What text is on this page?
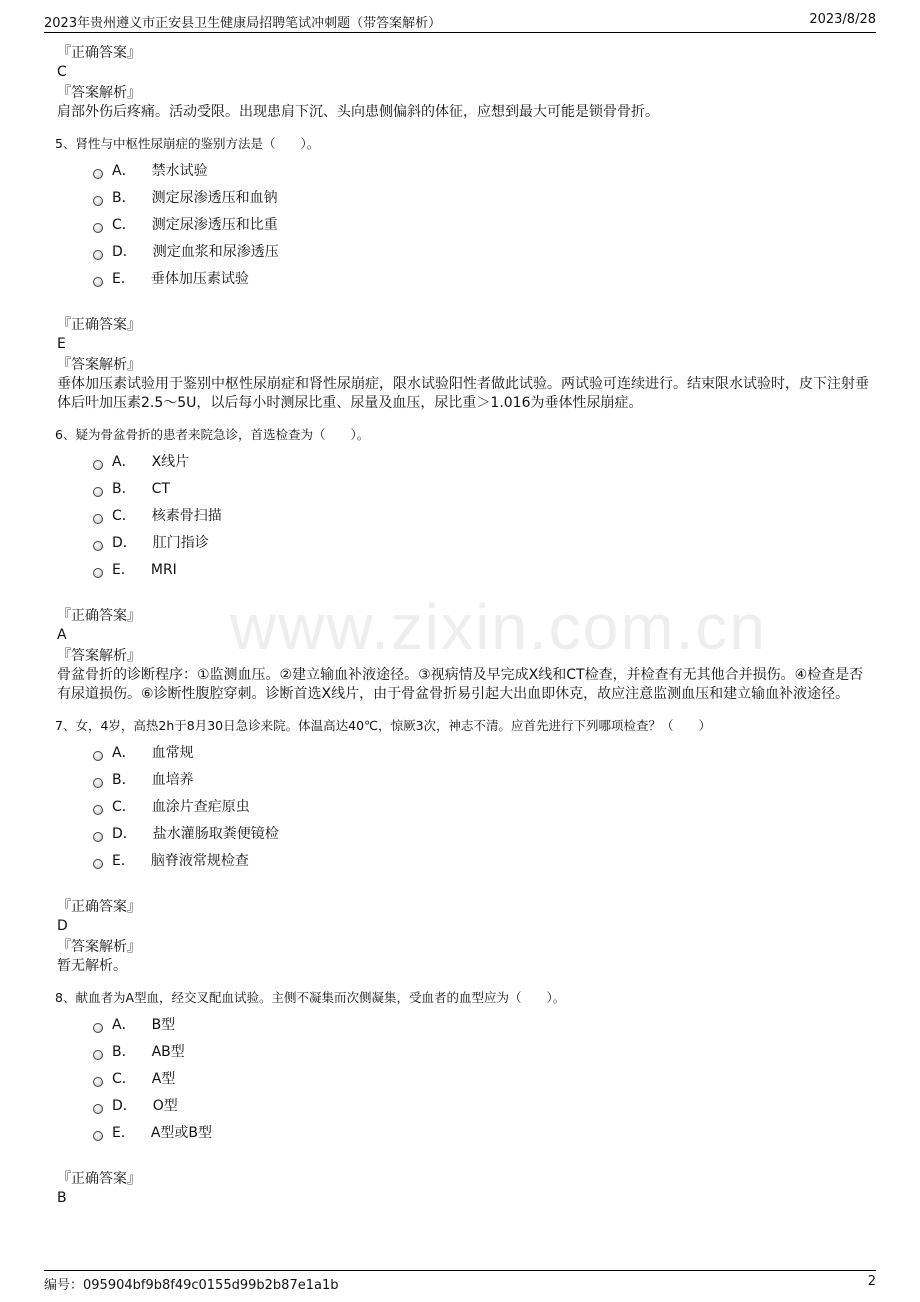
2023年贵州遵义市正安县卫生健康局招聘笔试冲刺题（带答案解析）	2023/8/28
www.zixin.com.cn

『正确答案』

C

『答案解析』

肩部外伤后疼痛。活动受限。出现患肩下沉、头向患侧偏斜的体征，应想到最大可能是锁骨骨折。

5、肾性与中枢性尿崩症的鉴别方法是（　　）。

A． 禁水试验
B． 测定尿渗透压和血钠
C． 测定尿渗透压和比重
D． 测定血浆和尿渗透压
E． 垂体加压素试验

『正确答案』

E

『答案解析』

垂体加压素试验用于鉴别中枢性尿崩症和肾性尿崩症，限水试验阳性者做此试验。两试验可连续进行。结束限水试验时，皮下注射垂体后叶加压素2.5～5U，以后每小时测尿比重、尿量及血压，尿比重＞1.016为垂体性尿崩症。

6、疑为骨盆骨折的患者来院急诊，首选检查为（　　）。

A． X线片
B． CT
C． 核素骨扫描
D． 肛门指诊
E． MRI

『正确答案』

A

『答案解析』

骨盆骨折的诊断程序：①监测血压。②建立输血补液途径。③视病情及早完成X线和CT检查，并检查有无其他合并损伤。④检查是否有尿道损伤。⑥诊断性腹腔穿刺。诊断首选X线片，由于骨盆骨折易引起大出血即休克，故应注意监测血压和建立输血补液途径。

7、女，4岁，高热2h于8月30日急诊来院。体温高达40℃，惊厥3次，神志不清。应首先进行下列哪项检查？（　　）

A． 血常规
B． 血培养
C． 血涂片查疟原虫
D． 盐水灌肠取粪便镜检
E． 脑脊液常规检查

『正确答案』

D

『答案解析』

暂无解析。

8、献血者为A型血，经交叉配血试验。主侧不凝集而次侧凝集，受血者的血型应为（　　）。

A． B型
B． AB型
C． A型
D． O型
E． A型或B型

『正确答案』

B

编号：095904bf9b8f49c0155d99b2b87e1a1b	2
